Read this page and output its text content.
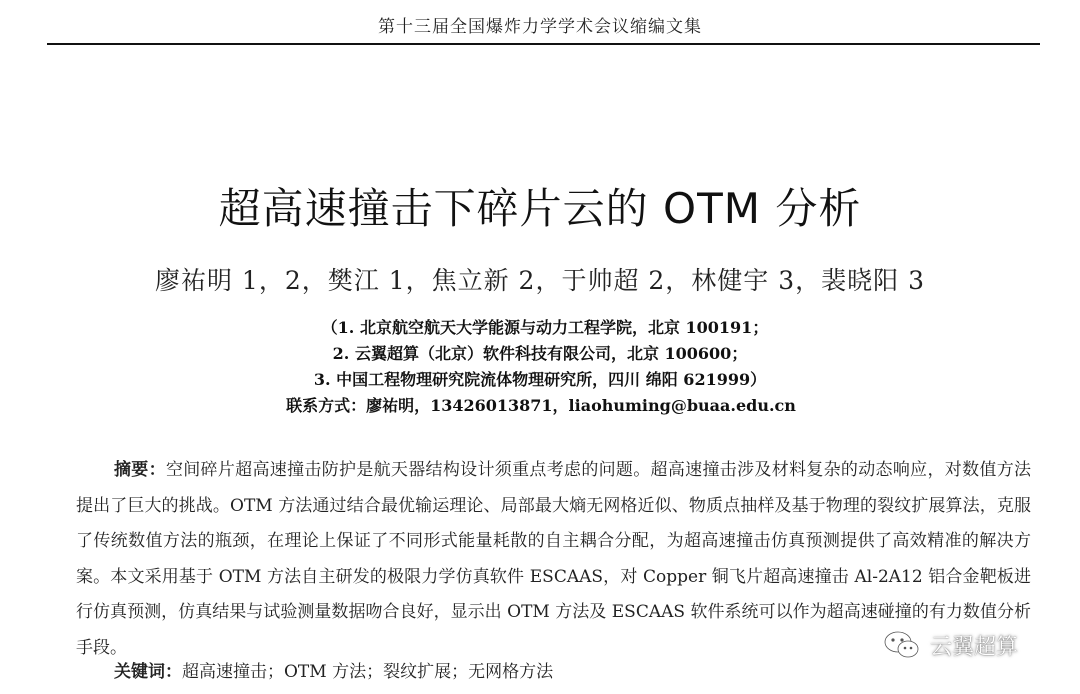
第十三届全国爆炸力学学术会议缩编文集
超高速撞击下碎片云的 OTM 分析
廖祐明 1，2，樊江 1，焦立新 2，于帅超 2，林健宇 3，裴晓阳 3
（1. 北京航空航天大学能源与动力工程学院，北京 100191；
2. 云翼超算（北京）软件科技有限公司，北京 100600；
3. 中国工程物理研究院流体物理研究所，四川 绵阳 621999）
联系方式：廖祐明，13426013871，liaohuming@buaa.edu.cn

摘要：空间碎片超高速撞击防护是航天器结构设计须重点考虑的问题。超高速撞击涉及材料复杂的动态响应，对数值方法提出了巨大的挑战。OTM 方法通过结合最优输运理论、局部最大熵无网格近似、物质点抽样及基于物理的裂纹扩展算法，克服了传统数值方法的瓶颈，在理论上保证了不同形式能量耗散的自主耦合分配，为超高速撞击仿真预测提供了高效精准的解决方案。本文采用基于 OTM 方法自主研发的极限力学仿真软件 ESCAAS，对 Copper 铜飞片超高速撞击 Al-2A12 铝合金靶板进行仿真预测，仿真结果与试验测量数据吻合良好，显示出 OTM 方法及 ESCAAS 软件系统可以作为超高速碰撞的有力数值分析手段。

关键词：超高速撞击；OTM 方法；裂纹扩展；无网格方法
云翼超算
